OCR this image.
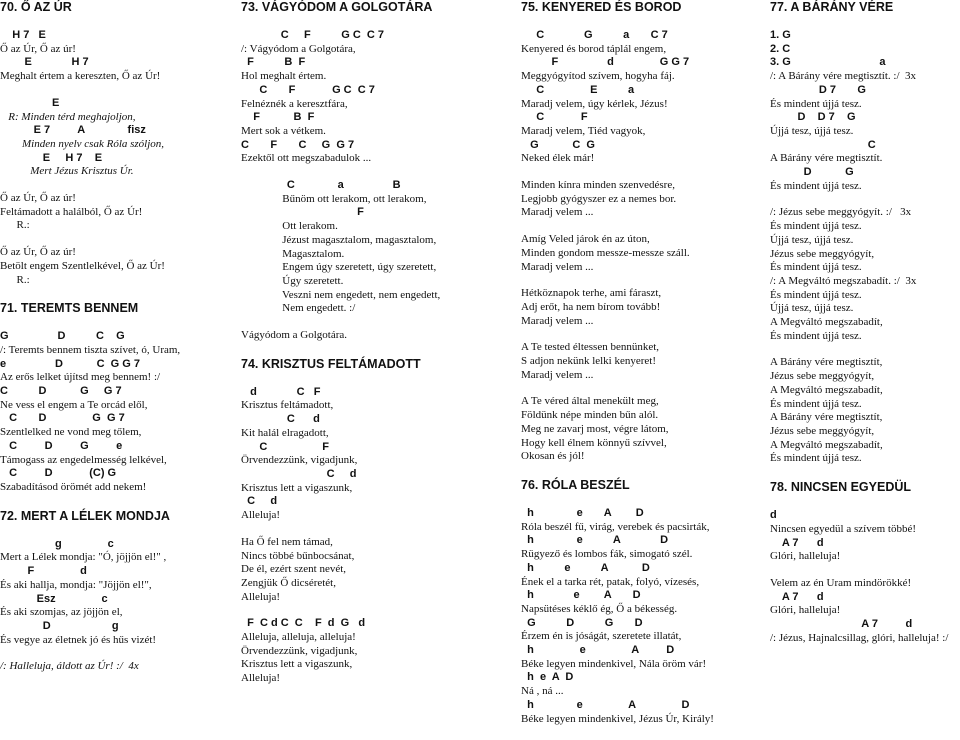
70. Ő AZ ÚR
H 7   E
Ő az Úr, Ő az úr!
E             H 7
Meghalt értem a kereszten, Ő az Úr!
E
R: Minden térd meghajoljon,
E 7         A              fisz
Minden nyelv csak Róla szóljon,
E     H 7    E
Mert Jézus Krisztus Úr.
Ő az Úr, Ő az úr!
Feltámadott a halálból, Ő az Úr!
R.:
Ő az Úr, Ő az úr!
Betölt engem Szentlelkével, Ő az Úr!
R.:
71. TEREMTS BENNEM
G                D          C    G
/: Teremts bennem tiszta szívet, ó, Uram,
e                D           C  G G 7
Az erős lelket újítsd meg bennem! :/
C          D           G     G 7
Ne vess el engem a Te orcád elől,
C       D               G  G 7
Szentlelked ne vond meg tőlem,
C         D         G         e
Támogass az engedelmesség lelkével,
C         D            (C) G
Szabadításod örömét add nekem!
72. MERT A LÉLEK MONDJA
g               c
Mert a Lélek mondja: "Ó, jöjjön el!" ,
F               d
És aki hallja, mondja: "Jöjjön el!",
Esz               c
És aki szomjas, az jöjjön el,
D                    g
És vegye az életnek jó és hűs vizét!
/: Halleluja, áldott az Úr! :/  4x
73. VÁGYÓDOM A GOLGOTÁRA
C     F          G C  C 7
/: Vágyódom a Golgotára,
F          B  F
Hol meghalt értem.
C       F            G C  C 7
Felnéznék a keresztfára,
F           B  F
Mert sok a vétkem.
C       F       C     G  G 7
Ezektől ott megszabadulok ...
C              a                B
Bűnöm ott lerakom, ott lerakom,
F
Ott lerakom.
Jézust magasztalom, magasztalom,
Magasztalom.
Engem úgy szeretett, úgy szeretett,
Úgy szeretett.
Veszni nem engedett, nem engedett,
Nem engedett. :/
Vágyódom a Golgotára.
74. KRISZTUS FELTÁMADOTT
d             C   F
Krisztus feltámadott,
C      d
Kit halál elragadott,
C                  F
Örvendezzünk, vigadjunk,
C     d
Krisztus lett a vigaszunk,
C     d
Alleluja!
Ha Ő fel nem támad,
Nincs többé bűnbocsánat,
De él, ezért szent nevét,
Zengjük Ő dicséretét,
Alleluja!
F  C d C  C    F  d  G   d
Alleluja, alleluja, alleluja!
Örvendezzünk, vigadjunk,
Krisztus lett a vigaszunk,
Alleluja!
75. KENYERED ÉS BOROD
C             G          a       C 7
Kenyered és borod táplál engem,
F                d               G G 7
Meggyógyítod szívem, hogyha fáj.
C               E          a
Maradj velem, úgy kérlek, Jézus!
C            F
Maradj velem, Tiéd vagyok,
G           C  G
Neked élek már!
Minden kínra minden szenvedésre,
Legjobb gyógyszer ez a nemes bor.
Maradj velem ...
Amíg Veled járok én az úton,
Minden gondom messze-messze száll.
Maradj velem ...
Hétköznapok terhe, ami fáraszt,
Adj erőt, ha nem bírom tovább!
Maradj velem ...
A Te tested éltessen bennünket,
S adjon nekünk lelki kenyeret!
Maradj velem ...
A Te véred által menekült meg,
Földünk népe minden bűn alól.
Meg ne zavarj most, végre látom,
Hogy kell élnem könnyű szívvel,
Okosan és jól!
76. RÓLA BESZÉL
h              e       A        D
Róla beszél fű, virág, verebek és pacsirták,
h              e          A             D
Rügyező és lombos fák, simogató szél.
h          e          A           D
Ének el a tarka rét, patak, folyó, vízesés,
h             e        A       D
Napsütéses kéklő ég, Ő a békesség.
G          D          G       D
Érzem én is jóságát, szeretete illatát,
h               e               A         D
Béke legyen mindenkivel, Nála öröm vár!
h  e  A  D
Ná , ná ...
h              e               A               D
Béke legyen mindenkivel, Jézus Úr, Király!
77. A BÁRÁNY VÉRE
1. G
2. C
3. G                             a
/: A Bárány vére megtisztít. :/  3x
D 7       G
És mindent újjá tesz.
D    D 7    G
Újjá tesz, újjá tesz.
C
A Bárány vére megtisztít.
D           G
És mindent újjá tesz.
/: Jézus sebe meggyógyít. :/   3x
És mindent újjá tesz.
Újjá tesz, újjá tesz.
Jézus sebe meggyógyít,
És mindent újjá tesz.
/: A Megváltó megszabadít. :/  3x
És mindent újjá tesz.
Újjá tesz, újjá tesz.
A Megváltó megszabadít,
És mindent újjá tesz.
A Bárány vére megtisztít,
Jézus sebe meggyógyít,
A Megváltó megszabadít,
És mindent újjá tesz.
A Bárány vére megtisztít,
Jézus sebe meggyógyít,
A Megváltó megszabadít,
És mindent újjá tesz.
78. NINCSEN EGYEDÜL
d
Nincsen egyedül a szívem többé!
A 7      d
Glóri, halleluja!
Velem az én Uram mindörökké!
A 7      d
Glóri, halleluja!
A 7         d
/: Jézus, Hajnalcsillag, glóri, halleluja! :/
